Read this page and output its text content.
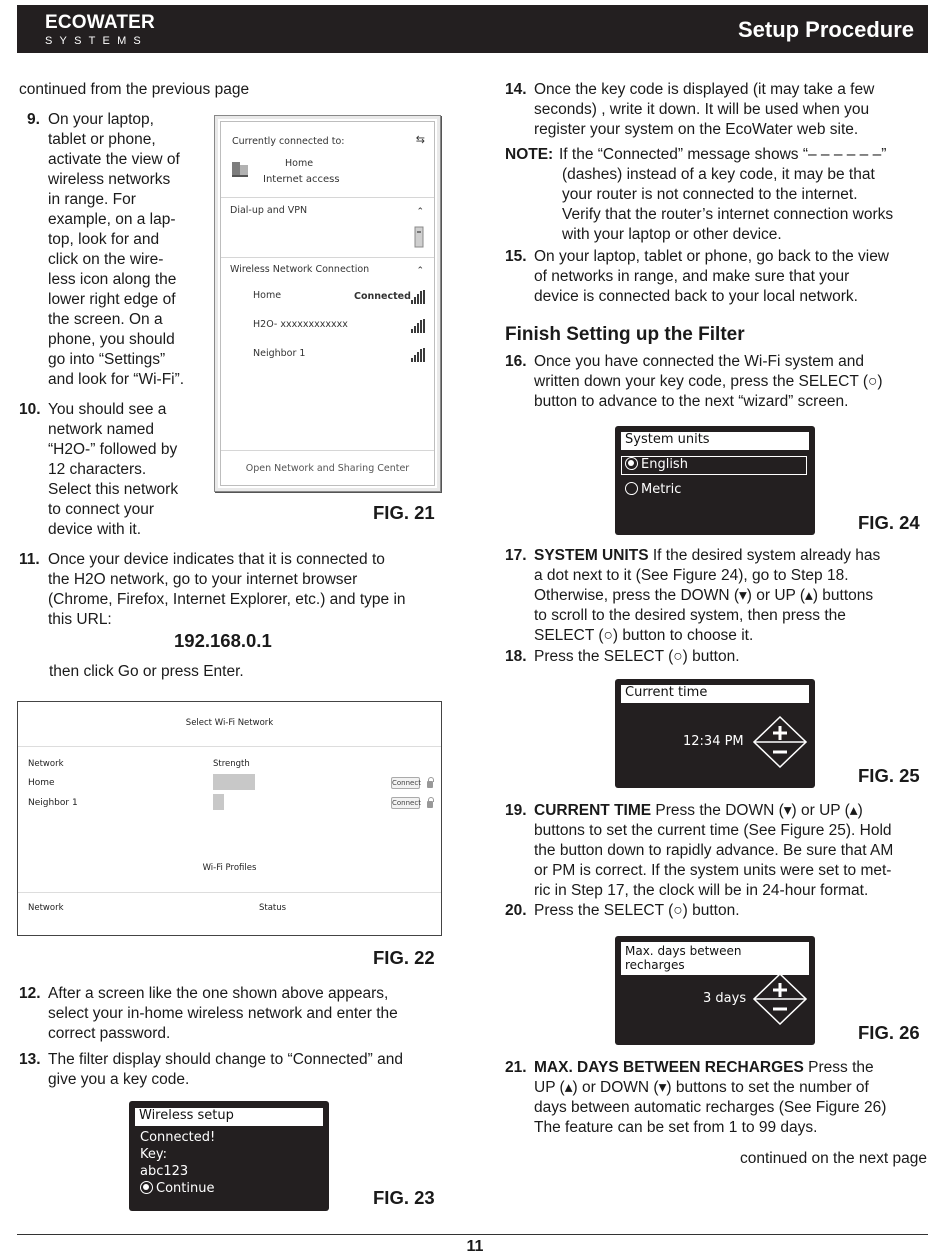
ECOWATER
SYSTEMS	Setup Procedure
continued from the previous page
9. On your laptop,
tablet or phone,
activate the view of
wireless networks
in range. For
example, on a lap-
top, look for and
click on the wire-
less icon along the
lower right edge of
the screen. On a
phone, you should
go into “Settings”
and look for “Wi-Fi”.
10. You should see a
network named
“H2O-” followed by
12 characters.
Select this network
to connect your
device with it.
Currently connected to:	⇆
Home
Internet access
Dial-up and VPN	⌃
Wireless Network Connection	⌃
Home	Connected
H2O- xxxxxxxxxxxx
Neighbor 1
Open Network and Sharing Center
FIG. 21
11. Once your device indicates that it is connected to
the H2O network, go to your internet browser
(Chrome, Firefox, Internet Explorer, etc.) and type in
this URL:
192.168.0.1
then click Go or press Enter.
Select Wi-Fi Network
Network	Strength
Home	Connect
Neighbor 1	Connect
Wi-Fi Profiles
Network	Status
FIG. 22
12. After a screen like the one shown above appears,
select your in-home wireless network and enter the
correct password.
13. The filter display should change to “Connected” and
give you a key code.
Wireless setup
Connected!
Key:
abc123
Continue	FIG. 23
14. Once the key code is displayed (it may take a few
seconds) , write it down. It will be used when you
register your system on the EcoWater web site.
NOTE: If the “Connected” message shows “– – – – – –”
(dashes) instead of a key code, it may be that
your router is not connected to the internet.
Verify that the router’s internet connection works
with your laptop or other device.
15. On your laptop, tablet or phone, go back to the view
of networks in range, and make sure that your
device is connected back to your local network.
Finish Setting up the Filter
16. Once you have connected the Wi-Fi system and
written down your key code, press the SELECT (○)
button to advance to the next “wizard” screen.
System units
English
Metric
FIG. 24
17. SYSTEM UNITS If the desired system already has
a dot next to it (See Figure 24), go to Step 18.
Otherwise, press the DOWN (▾) or UP (▴) buttons
to scroll to the desired system, then press the
SELECT (○) button to choose it.
18. Press the SELECT (○) button.
Current time
12:34 PM
FIG. 25
19. CURRENT TIME Press the DOWN (▾) or UP (▴)
buttons to set the current time (See Figure 25). Hold
the button down to rapidly advance. Be sure that AM
or PM is correct. If the system units were set to met-
ric in Step 17, the clock will be in 24-hour format.
20. Press the SELECT (○) button.
Max. days between
recharges
3 days
FIG. 26
21. MAX. DAYS BETWEEN RECHARGES Press the
UP (▴) or DOWN (▾) buttons to set the number of
days between automatic recharges (See Figure 26)
The feature can be set from 1 to 99 days.
continued on the next page
11
